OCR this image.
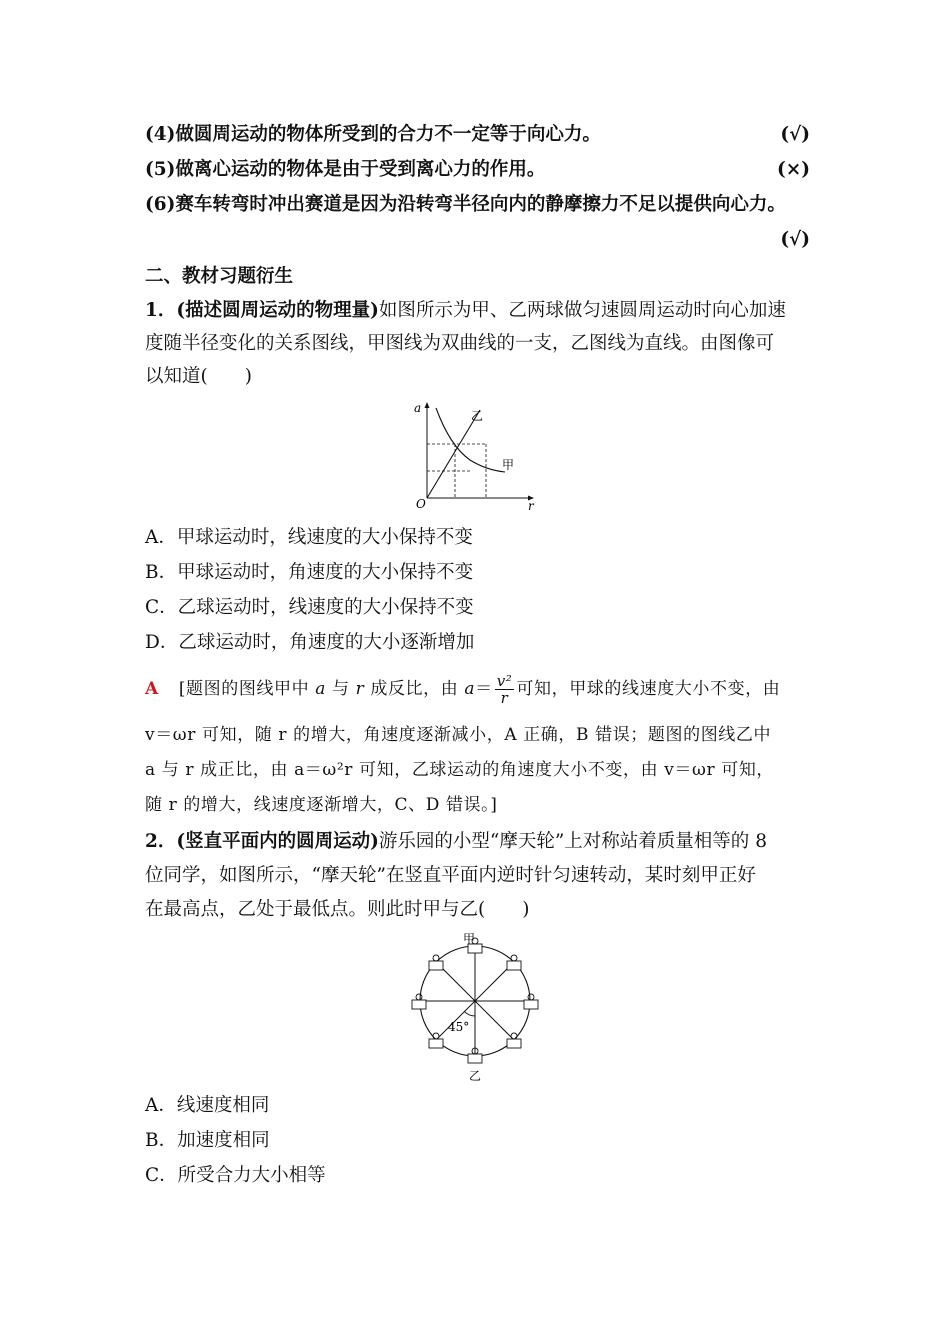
(4)做圆周运动的物体所受到的合力不一定等于向心力。	(√)
(5)做离心运动的物体是由于受到离心力的作用。	(×)
(6)赛车转弯时冲出赛道是因为沿转弯半径向内的静摩擦力不足以提供向心力。
(√)
二、教材习题衍生
1．(描述圆周运动的物理量)如图所示为甲、乙两球做匀速圆周运动时向心加速
度随半径变化的关系图线，甲图线为双曲线的一支，乙图线为直线。由图像可
以知道(　　)
a
r
O
乙
甲
A．甲球运动时，线速度的大小保持不变
B．甲球运动时，角速度的大小保持不变
C．乙球运动时，线速度的大小保持不变
D．乙球运动时，角速度的大小逐渐增加
A [题图的图线甲中 a 与 r 成反比，由 $a= \frac{\text{v²}}{r}$ 可知，甲球的线速度大小不变，由
v＝ωr 可知，随 r 的增大，角速度逐渐减小，A 正确，B 错误；题图的图线乙中
a 与 r 成正比，由 a＝ω²r 可知，乙球运动的角速度大小不变，由 v＝ωr 可知，
随 r 的增大，线速度逐渐增大，C、D 错误。]
2．(竖直平面内的圆周运动)游乐园的小型“摩天轮”上对称站着质量相等的 8
位同学，如图所示，“摩天轮”在竖直平面内逆时针匀速转动，某时刻甲正好
在最高点，乙处于最低点。则此时甲与乙(　　)
45°
甲
乙
A．线速度相同
B．加速度相同
C．所受合力大小相等
